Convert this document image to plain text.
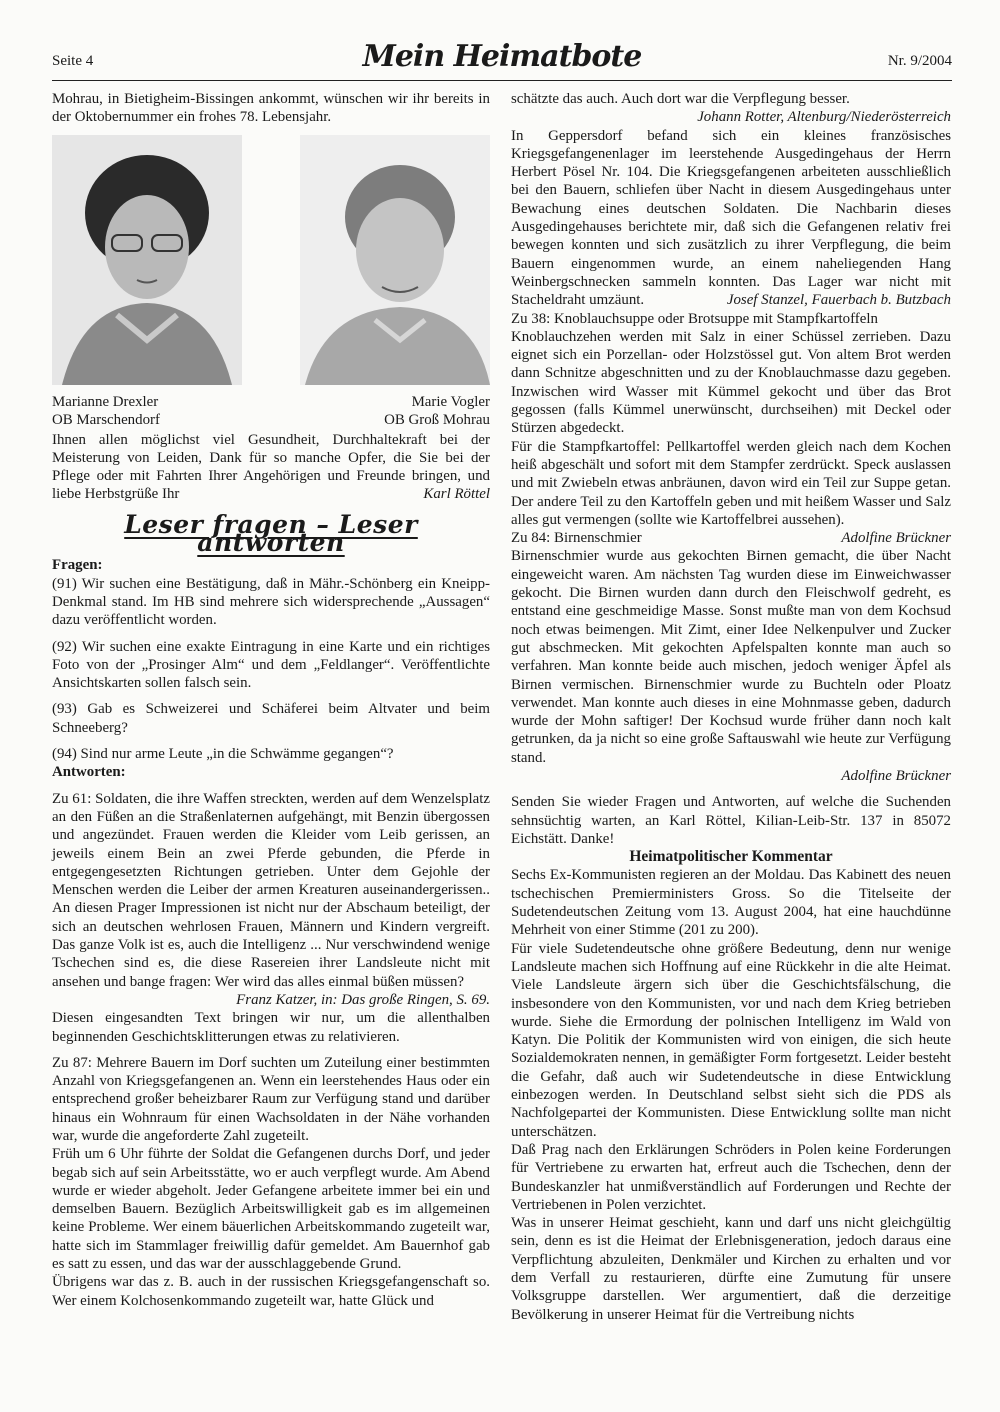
Seite 4	Mein Heimatbote	Nr. 9/2004

Mohrau, in Bietigheim-Bissingen ankommt, wünschen wir ihr bereits in der Oktobernummer ein frohes 78. Lebensjahr.

Marianne Drexler
OB Marschendorf
Marie Vogler
OB Groß Mohrau

Ihnen allen möglichst viel Gesundheit, Durchhaltekraft bei der Meisterung von Leiden, Dank für so manche Opfer, die Sie bei der Pflege oder mit Fahrten Ihrer Angehörigen und Freunde bringen, und liebe Herbstgrüße Ihr	Karl Röttel

Leser fragen – Leser antworten

Fragen:

(91) Wir suchen eine Bestätigung, daß in Mähr.-Schönberg ein Kneipp-Denkmal stand. Im HB sind mehrere sich widersprechende „Aussagen“ dazu veröffentlicht worden.

(92) Wir suchen eine exakte Eintragung in eine Karte und ein richtiges Foto von der „Prosinger Alm“ und dem „Feldlanger“. Veröffentlichte Ansichtskarten sollen falsch sein.

(93) Gab es Schweizerei und Schäferei beim Altvater und beim Schneeberg?

(94) Sind nur arme Leute „in die Schwämme gegangen“?

Antworten:

Zu 61: Soldaten, die ihre Waffen streckten, werden auf dem Wenzelsplatz an den Füßen an die Straßenlaternen aufgehängt, mit Benzin übergossen und angezündet. Frauen werden die Kleider vom Leib gerissen, an jeweils einem Bein an zwei Pferde gebunden, die Pferde in entgegengesetzten Richtungen getrieben. Unter dem Gejohle der Menschen werden die Leiber der armen Kreaturen auseinandergerissen.. An diesen Prager Impressionen ist nicht nur der Abschaum beteiligt, der sich an deutschen wehrlosen Frauen, Männern und Kindern vergreift. Das ganze Volk ist es, auch die Intelligenz ... Nur verschwindend wenige Tschechen sind es, die diese Rasereien ihrer Landsleute nicht mit ansehen und bange fragen: Wer wird das alles einmal büßen müssen?

Franz Katzer, in: Das große Ringen, S. 69.

Diesen eingesandten Text bringen wir nur, um die allenthalben beginnenden Geschichtsklitterungen etwas zu relativieren.

Zu 87: Mehrere Bauern im Dorf suchten um Zuteilung einer bestimmten Anzahl von Kriegsgefangenen an. Wenn ein leerstehendes Haus oder ein entsprechend großer beheizbarer Raum zur Verfügung stand und darüber hinaus ein Wohnraum für einen Wachsoldaten in der Nähe vorhanden war, wurde die angeforderte Zahl zugeteilt.

Früh um 6 Uhr führte der Soldat die Gefangenen durchs Dorf, und jeder begab sich auf sein Arbeitsstätte, wo er auch verpflegt wurde. Am Abend wurde er wieder abgeholt. Jeder Gefangene arbeitete immer bei ein und demselben Bauern. Bezüglich Arbeitswilligkeit gab es im allgemeinen keine Probleme. Wer einem bäuerlichen Arbeitskommando zugeteilt war, hatte sich im Stammlager freiwillig dafür gemeldet. Am Bauernhof gab es satt zu essen, und das war der ausschlaggebende Grund.

Übrigens war das z. B. auch in der russischen Kriegsgefangenschaft so. Wer einem Kolchosenkommando zugeteilt war, hatte Glück und

schätzte das auch. Auch dort war die Verpflegung besser.

Johann Rotter, Altenburg/Niederösterreich

In Geppersdorf befand sich ein kleines französisches Kriegsgefangenenlager im leerstehende Ausgedingehaus der Herrn Herbert Pösel Nr. 104. Die Kriegsgefangenen arbeiteten ausschließlich bei den Bauern, schliefen über Nacht in diesem Ausgedingehaus unter Bewachung eines deutschen Soldaten. Die Nachbarin dieses Ausgedingehauses berichtete mir, daß sich die Gefangenen relativ frei bewegen konnten und sich zusätzlich zu ihrer Verpflegung, die beim Bauern eingenommen wurde, an einem naheliegenden Hang Weinbergschnecken sammeln konnten. Das Lager war nicht mit Stacheldraht umzäunt.	Josef Stanzel, Fauerbach b. Butzbach

Zu 38: Knoblauchsuppe oder Brotsuppe mit Stampfkartoffeln

Knoblauchzehen werden mit Salz in einer Schüssel zerrieben. Dazu eignet sich ein Porzellan- oder Holzstössel gut. Von altem Brot werden dann Schnitze abgeschnitten und zu der Knoblauchmasse dazu gegeben. Inzwischen wird Wasser mit Kümmel gekocht und über das Brot gegossen (falls Kümmel unerwünscht, durchseihen) mit Deckel oder Stürzen abgedeckt.

Für die Stampfkartoffel: Pellkartoffel werden gleich nach dem Kochen heiß abgeschält und sofort mit dem Stampfer zerdrückt. Speck auslassen und mit Zwiebeln etwas anbräunen, davon wird ein Teil zur Suppe getan. Der andere Teil zu den Kartoffeln geben und mit heißem Wasser und Salz alles gut vermengen (sollte wie Kartoffelbrei aussehen).
Adolfine Brückner

Zu 84: Birnenschmier

Birnenschmier wurde aus gekochten Birnen gemacht, die über Nacht eingeweicht waren. Am nächsten Tag wurden diese im Einweichwasser gekocht. Die Birnen wurden dann durch den Fleischwolf gedreht, es entstand eine geschmeidige Masse. Sonst mußte man von dem Kochsud noch etwas beimengen. Mit Zimt, einer Idee Nelkenpulver und Zucker gut abschmecken. Mit gekochten Apfelspalten konnte man auch so verfahren. Man konnte beide auch mischen, jedoch weniger Äpfel als Birnen vermischen. Birnenschmier wurde zu Buchteln oder Ploatz verwendet. Man konnte auch dieses in eine Mohnmasse geben, dadurch wurde der Mohn saftiger! Der Kochsud wurde früher dann noch kalt getrunken, da ja nicht so eine große Saftauswahl wie heute zur Verfügung stand.

Adolfine Brückner

Senden Sie wieder Fragen und Antworten, auf welche die Suchenden sehnsüchtig warten, an Karl Röttel, Kilian-Leib-Str. 137 in 85072 Eichstätt. Danke!

Heimatpolitischer Kommentar

Sechs Ex-Kommunisten regieren an der Moldau. Das Kabinett des neuen tschechischen Premierministers Gross. So die Titelseite der Sudetendeutschen Zeitung vom 13. August 2004, hat eine hauchdünne Mehrheit von einer Stimme (201 zu 200).

Für viele Sudetendeutsche ohne größere Bedeutung, denn nur wenige Landsleute machen sich Hoffnung auf eine Rückkehr in die alte Heimat. Viele Landsleute ärgern sich über die Geschichtsfälschung, die insbesondere von den Kommunisten, vor und nach dem Krieg betrieben wurde. Siehe die Ermordung der polnischen Intelligenz im Wald von Katyn. Die Politik der Kommunisten wird von einigen, die sich heute Sozialdemokraten nennen, in gemäßigter Form fortgesetzt. Leider besteht die Gefahr, daß auch wir Sudetendeutsche in diese Entwicklung einbezogen werden. In Deutschland selbst sieht sich die PDS als Nachfolgepartei der Kommunisten. Diese Entwicklung sollte man nicht unterschätzen.

Daß Prag nach den Erklärungen Schröders in Polen keine Forderungen für Vertriebene zu erwarten hat, erfreut auch die Tschechen, denn der Bundeskanzler hat unmißverständlich auf Forderungen und Rechte der Vertriebenen in Polen verzichtet.

Was in unserer Heimat geschieht, kann und darf uns nicht gleichgültig sein, denn es ist die Heimat der Erlebnisgeneration, jedoch daraus eine Verpflichtung abzuleiten, Denkmäler und Kirchen zu erhalten und vor dem Verfall zu restaurieren, dürfte eine Zumutung für unsere Volksgruppe darstellen. Wer argumentiert, daß die derzeitige Bevölkerung in unserer Heimat für die Vertreibung nichts
